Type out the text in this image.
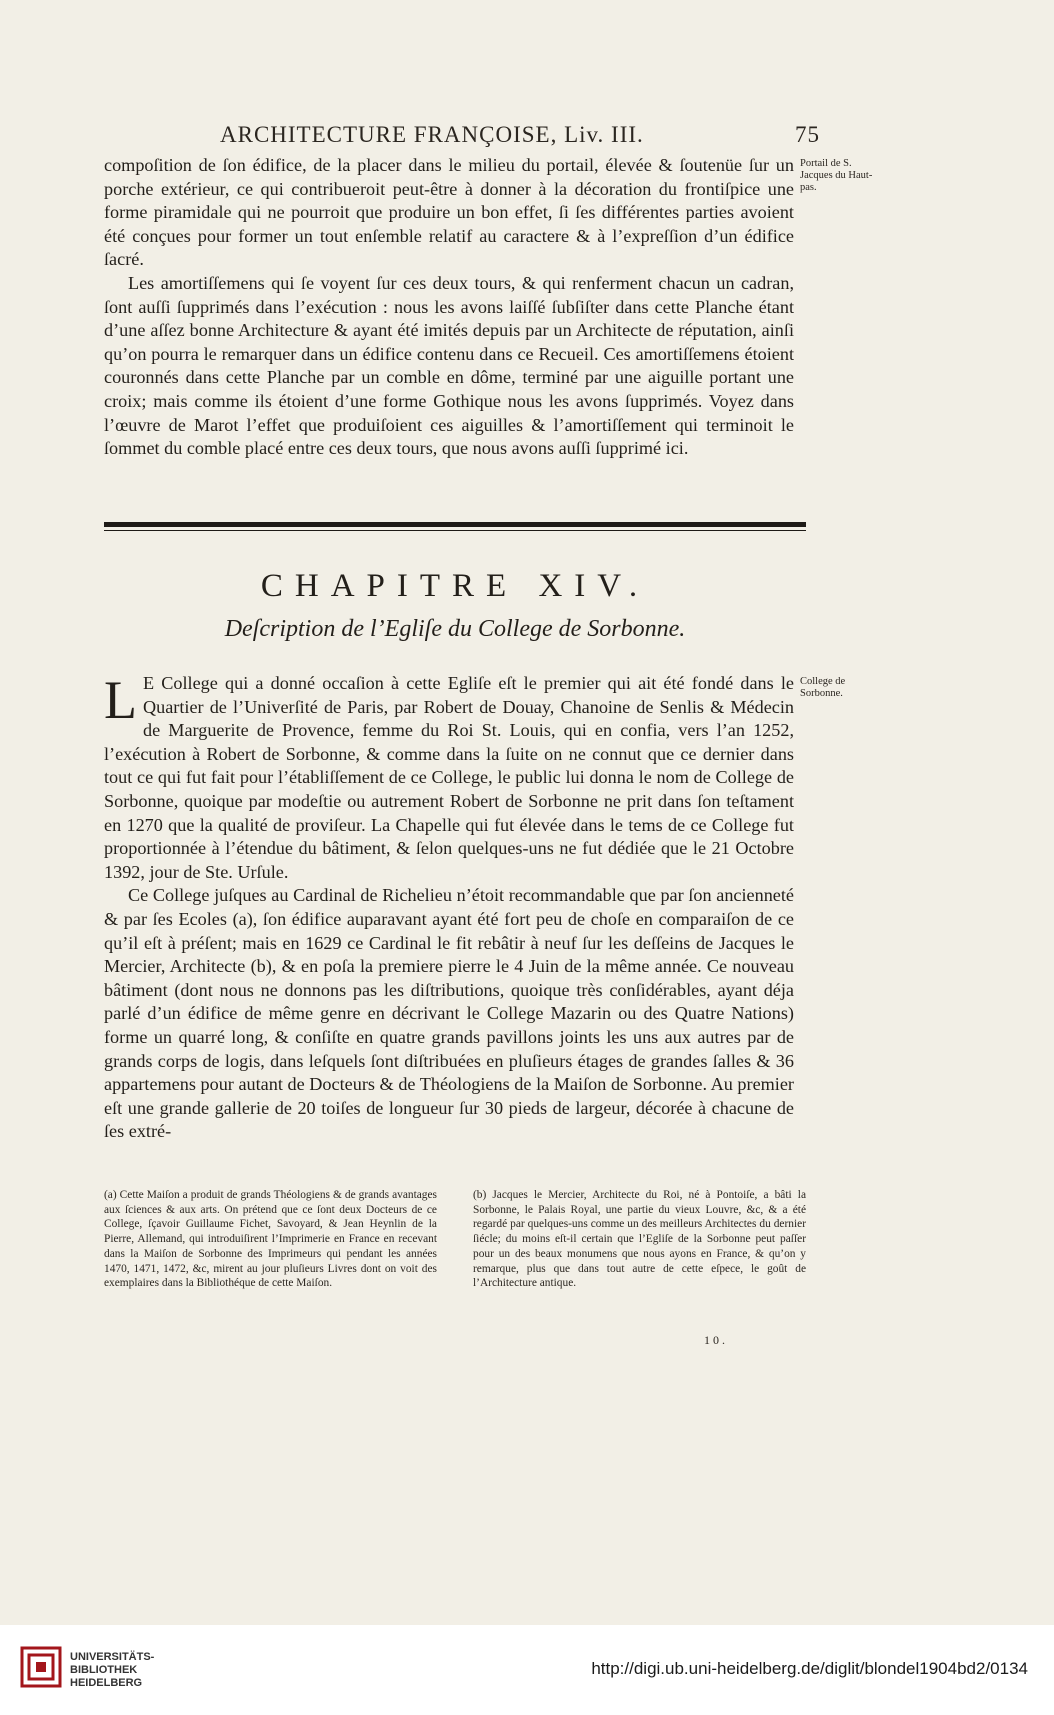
ARCHITECTURE FRANÇOISE, Liv. III.	75
Portail de S. Jacques du Haut-pas.

compoſition de ſon édifice, de la placer dans le milieu du portail, élevée & ſoutenüe ſur un porche extérieur, ce qui contribueroit peut-être à donner à la décoration du frontiſpice une forme piramidale qui ne pourroit que produire un bon effet, ſi ſes différentes parties avoient été conçues pour former un tout enſemble relatif au caractere & à l’expreſſion d’un édifice ſacré.

Les amortiſſemens qui ſe voyent ſur ces deux tours, & qui renferment chacun un cadran, ſont auſſi ſupprimés dans l’exécution : nous les avons laiſſé ſubſiſter dans cette Planche étant d’une aſſez bonne Architecture & ayant été imités depuis par un Architecte de réputation, ainſi qu’on pourra le remarquer dans un édifice contenu dans ce Recueil. Ces amortiſſemens étoient couronnés dans cette Planche par un comble en dôme, terminé par une aiguille portant une croix; mais comme ils étoient d’une forme Gothique nous les avons ſupprimés. Voyez dans l’œuvre de Marot l’effet que produiſoient ces aiguilles & l’amortiſſement qui terminoit le ſommet du comble placé entre ces deux tours, que nous avons auſſi ſupprimé ici.

CHAPITRE XIV.
Deſcription de l’Egliſe du College de Sorbonne.
College de Sorbonne.

L E College qui a donné occaſion à cette Egliſe eſt le premier qui ait été fondé dans le Quartier de l’Univerſité de Paris, par Robert de Douay, Chanoine de Senlis & Médecin de Marguerite de Provence, femme du Roi St. Louis, qui en confia, vers l’an 1252, l’exécution à Robert de Sorbonne, & comme dans la ſuite on ne connut que ce dernier dans tout ce qui fut fait pour l’établiſſement de ce College, le public lui donna le nom de College de Sorbonne, quoique par modeſtie ou autrement Robert de Sorbonne ne prit dans ſon teſtament en 1270 que la qualité de proviſeur. La Chapelle qui fut élevée dans le tems de ce College fut proportionnée à l’étendue du bâtiment, & ſelon quelques-uns ne fut dédiée que le 21 Octobre 1392, jour de Ste. Urſule.

Ce College juſques au Cardinal de Richelieu n’étoit recommandable que par ſon ancienneté & par ſes Ecoles (a), ſon édifice auparavant ayant été fort peu de choſe en comparaiſon de ce qu’il eſt à préſent; mais en 1629 ce Cardinal le fit rebâtir à neuf ſur les deſſeins de Jacques le Mercier, Architecte (b), & en poſa la premiere pierre le 4 Juin de la même année. Ce nouveau bâtiment (dont nous ne donnons pas les diſtributions, quoique très conſidérables, ayant déja parlé d’un édifice de même genre en décrivant le College Mazarin ou des Quatre Nations) forme un quarré long, & conſiſte en quatre grands pavillons joints les uns aux autres par de grands corps de logis, dans leſquels ſont diſtribuées en pluſieurs étages de grandes ſalles & 36 appartemens pour autant de Docteurs & de Théologiens de la Maiſon de Sorbonne. Au premier eſt une grande gallerie de 20 toiſes de longueur ſur 30 pieds de largeur, décorée à chacune de ſes extré-

(a) Cette Maiſon a produit de grands Théologiens & de grands avantages aux ſciences & aux arts. On prétend que ce ſont deux Docteurs de ce College, ſçavoir Guillaume Fichet, Savoyard, & Jean Heynlin de la Pierre, Allemand, qui introduiſirent l’Imprimerie en France en recevant dans la Maiſon de Sorbonne des Imprimeurs qui pendant les années 1470, 1471, 1472, &c, mirent au jour pluſieurs Livres dont on voit des exemplaires dans la Bibliothéque de cette Maiſon.
(b) Jacques le Mercier, Architecte du Roi, né à Pontoiſe, a bâti la Sorbonne, le Palais Royal, une partie du vieux Louvre, &c, & a été regardé par quelques-uns comme un des meilleurs Architectes du dernier ſiécle; du moins eſt-il certain que l’Egliſe de la Sorbonne peut paſſer pour un des beaux monumens que nous ayons en France, & qu’on y remarque, plus que dans tout autre de cette eſpece, le goût de l’Architecture antique.
10.
UNIVERSITÄTS-
BIBLIOTHEK
HEIDELBERG
http://digi.ub.uni-heidelberg.de/diglit/blondel1904bd2/0134
